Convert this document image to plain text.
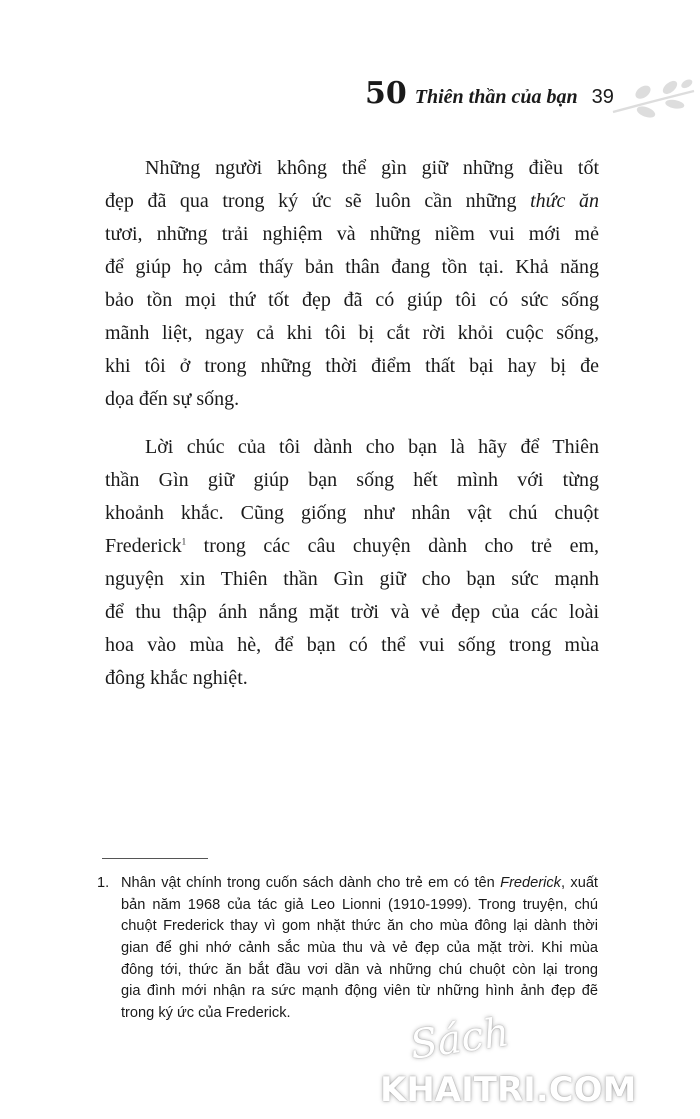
50 Thiên thần của bạn 39
Những người không thể gìn giữ những điều tốt
đẹp đã qua trong ký ức sẽ luôn cần những thức ăn
tươi, những trải nghiệm và những niềm vui mới mẻ
để giúp họ cảm thấy bản thân đang tồn tại. Khả năng
bảo tồn mọi thứ tốt đẹp đã có giúp tôi có sức sống
mãnh liệt, ngay cả khi tôi bị cắt rời khỏi cuộc sống,
khi tôi ở trong những thời điểm thất bại hay bị đe
dọa đến sự sống.
Lời chúc của tôi dành cho bạn là hãy để Thiên
thần Gìn giữ giúp bạn sống hết mình với từng
khoảnh khắc. Cũng giống như nhân vật chú chuột
Frederick$^1$ trong các câu chuyện dành cho trẻ em,
nguyện xin Thiên thần Gìn giữ cho bạn sức mạnh
để thu thập ánh nắng mặt trời và vẻ đẹp của các loài
hoa vào mùa hè, để bạn có thể vui sống trong mùa
đông khắc nghiệt.
1. Nhân vật chính trong cuốn sách dành cho trẻ em có tên Frederick, xuất
bản năm 1968 của tác giả Leo Lionni (1910-1999). Trong truyện, chú
chuột Frederick thay vì gom nhặt thức ăn cho mùa đông lại dành thời
gian để ghi nhớ cảnh sắc mùa thu và vẻ đẹp của mặt trời. Khi mùa
đông tới, thức ăn bắt đầu vơi dần và những chú chuột còn lại trong
gia đình mới nhận ra sức mạnh động viên từ những hình ảnh đẹp đẽ
trong ký ức của Frederick.	Sách
KHAITRI.COM
